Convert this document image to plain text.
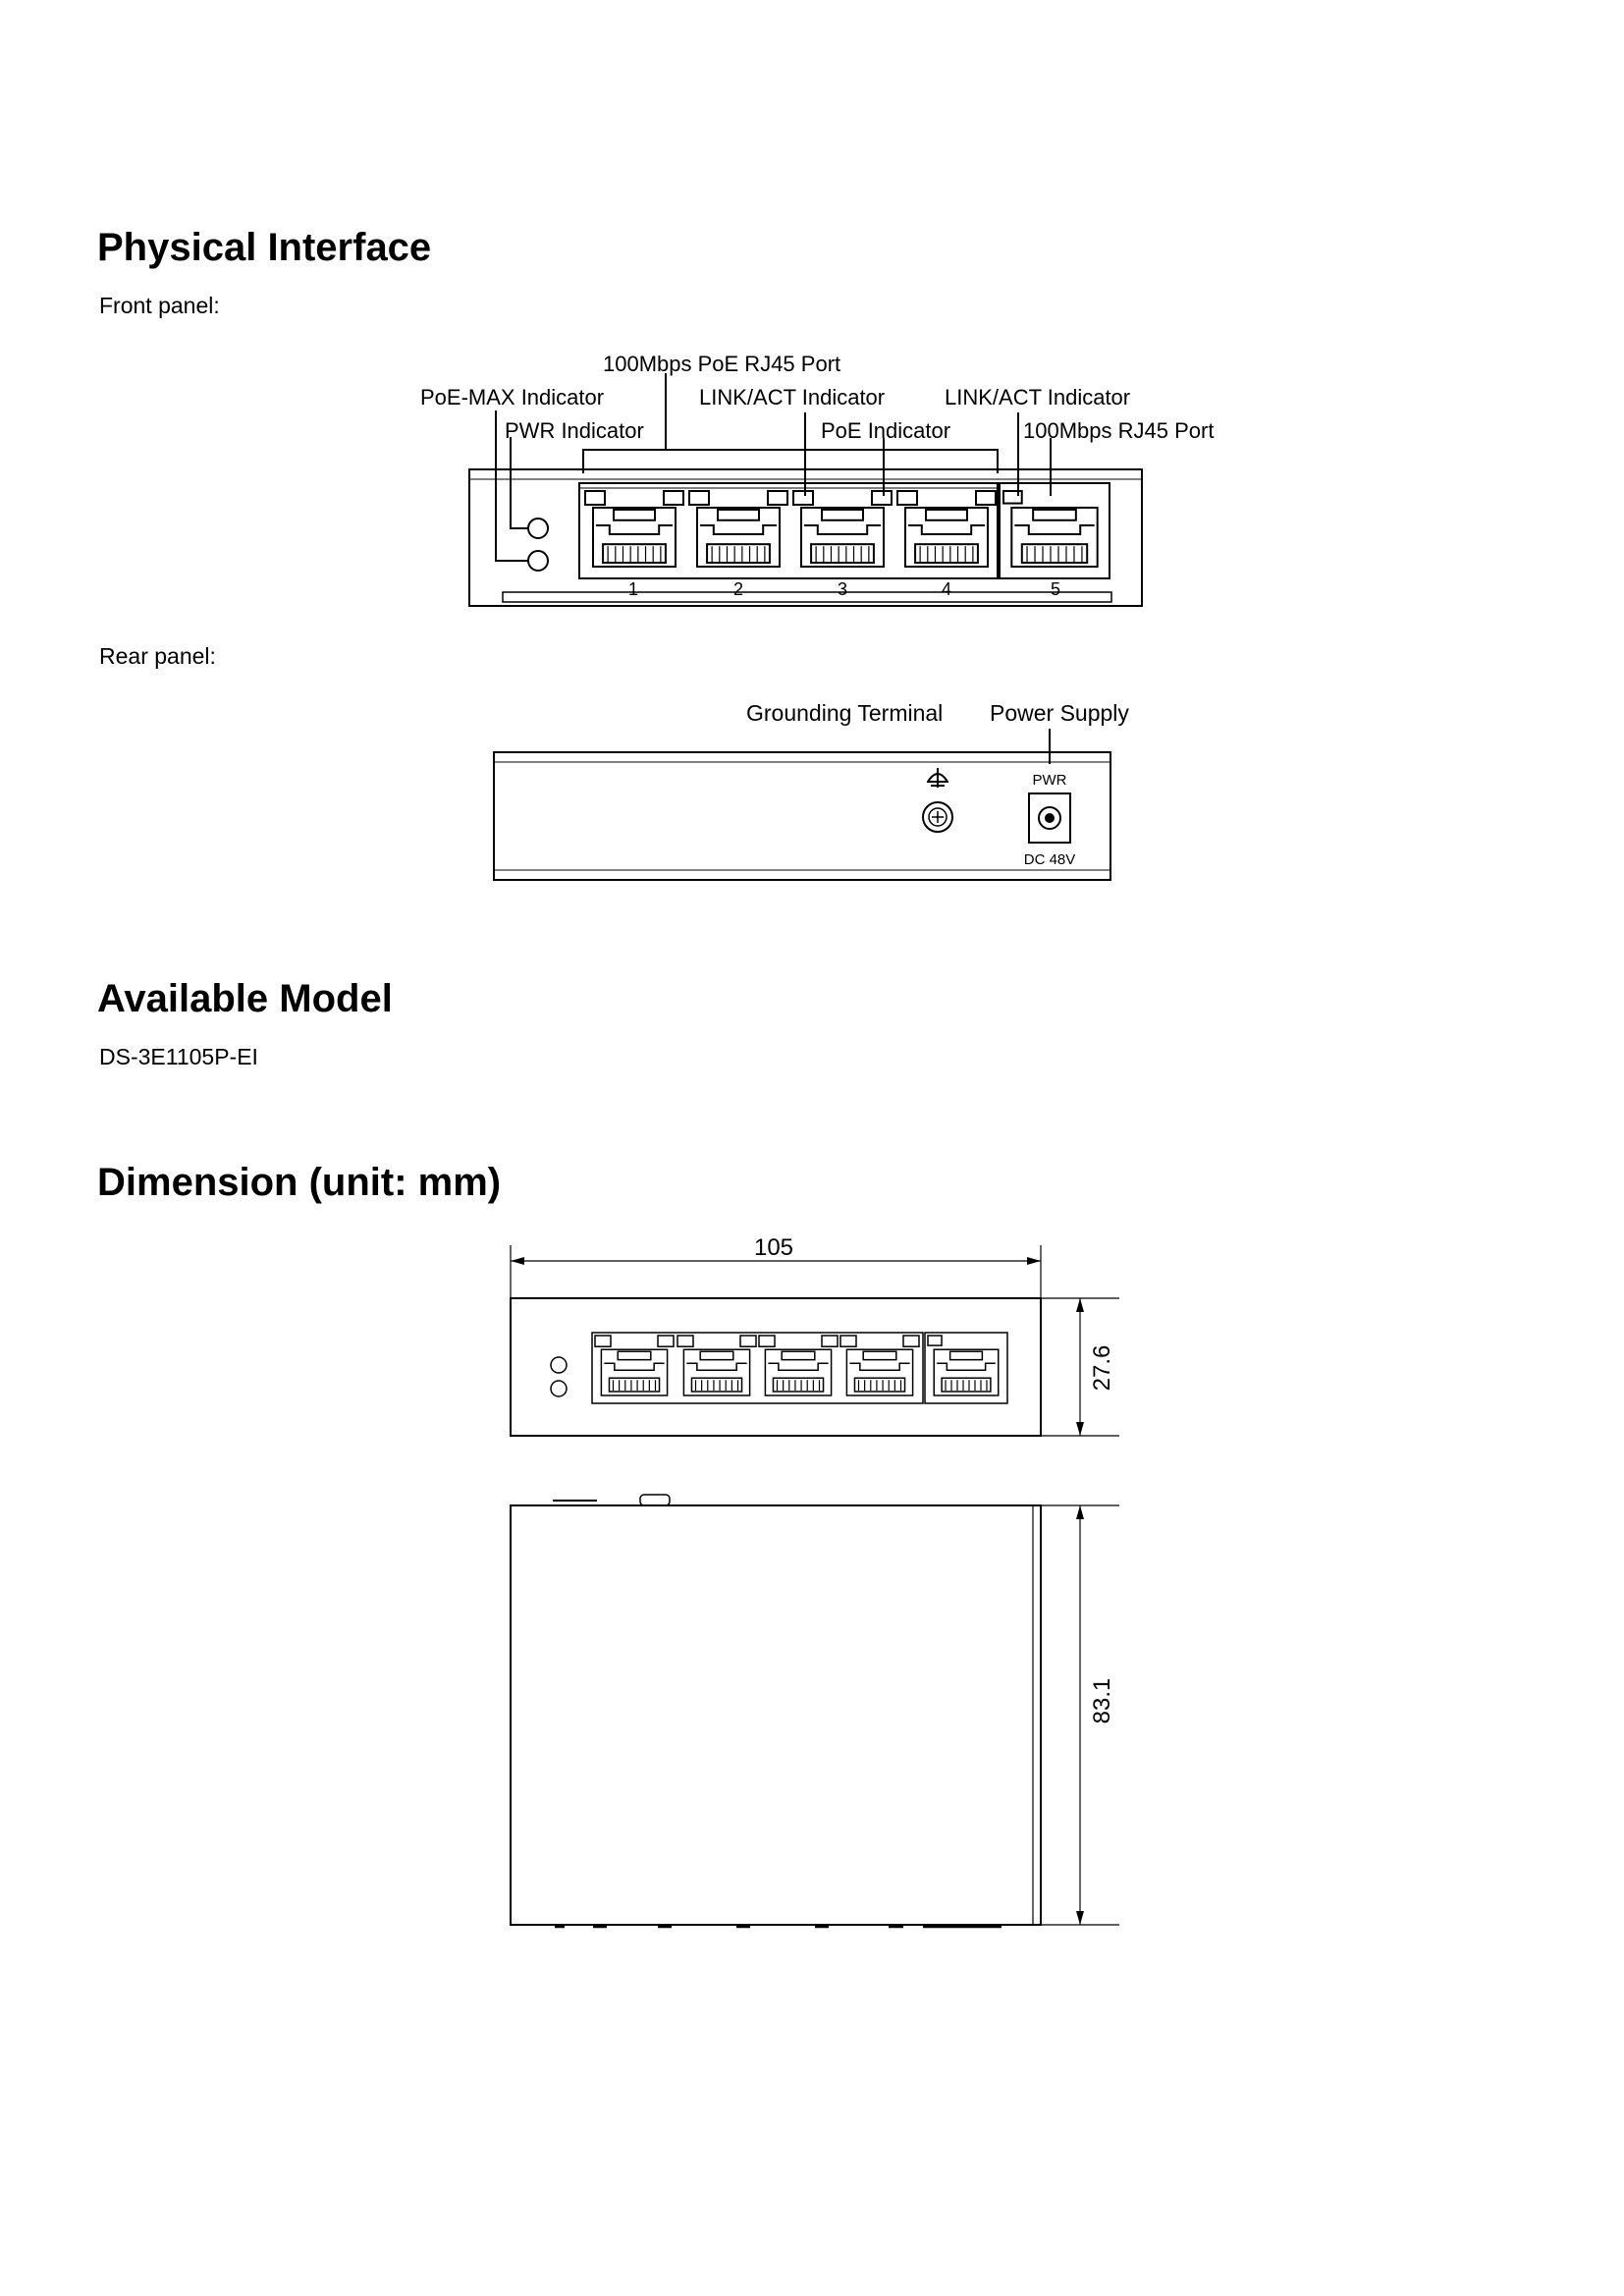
Physical Interface

Front panel:

Rear panel:

Available Model

DS-3E1105P-EI

Dimension (unit: mm)
100Mbps PoE RJ45 Port
PoE-MAX Indicator	LINK/ACT Indicator	LINK/ACT Indicator
PWR Indicator	PoE Indicator	100Mbps RJ45 Port
1	2	3	4	5
Grounding Terminal Power Supply
PWR
DC 48V
105
27.6
83.1
